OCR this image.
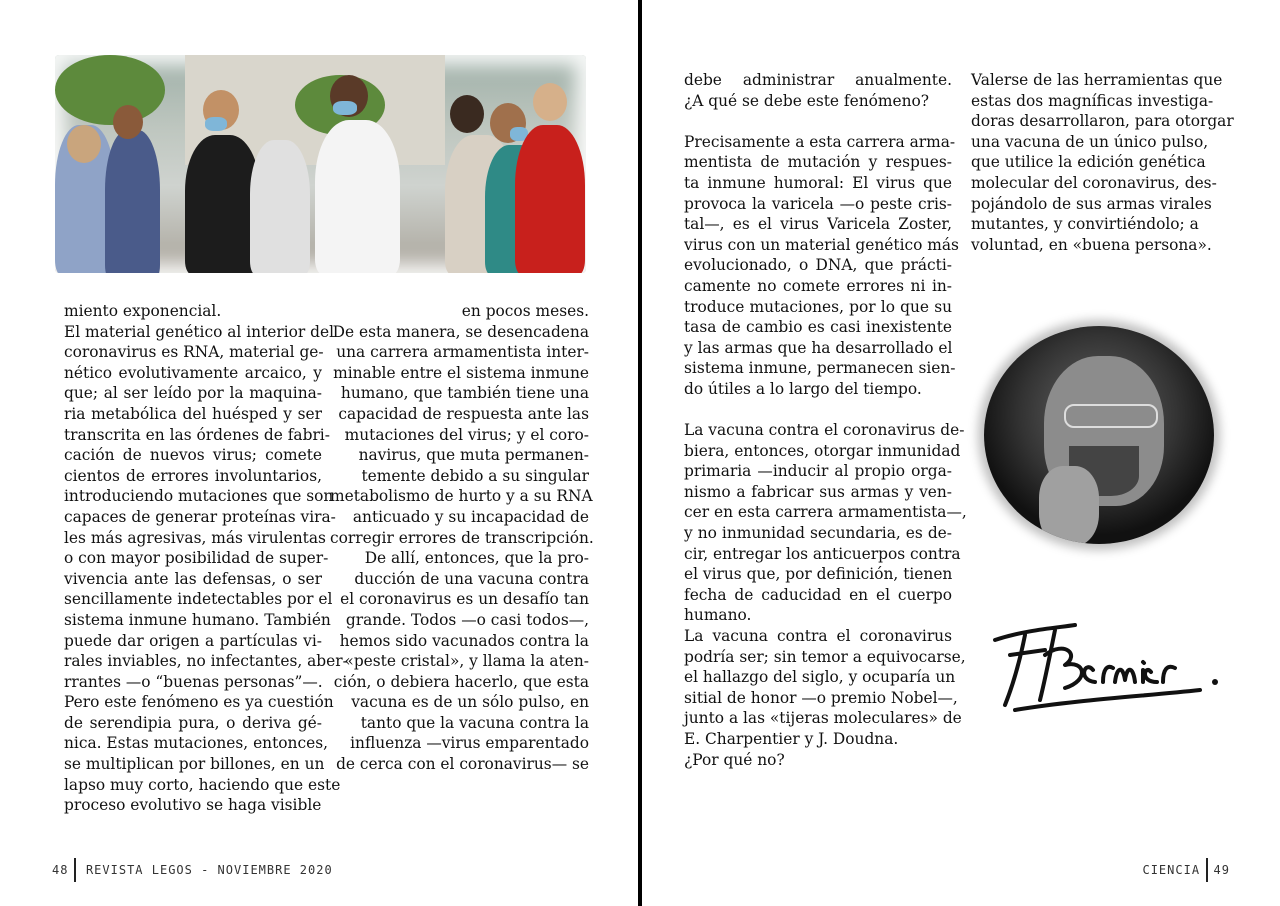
miento exponencial.
El material genético al interior del
coronavirus es RNA, material ge-
nético evolutivamente arcaico, y
que; al ser leído por la maquina-
ria metabólica del huésped y ser
transcrita en las órdenes de fabri-
cación de nuevos virus; comete
cientos de errores involuntarios,
introduciendo mutaciones que son
capaces de generar proteínas vira-
les más agresivas, más virulentas
o con mayor posibilidad de super-
vivencia ante las defensas, o ser
sencillamente indetectables por el
sistema inmune humano. También
puede dar origen a partículas vi-
rales inviables, no infectantes, aber-
rrantes —o “buenas personas”—.
Pero este fenómeno es ya cuestión
de serendipia pura, o deriva gé-
nica. Estas mutaciones, entonces,
se multiplican por billones, en un
lapso muy corto, haciendo que este
proceso evolutivo se haga visible

en pocos meses.
De esta manera, se desencadena
una carrera armamentista inter-
minable entre el sistema inmune
humano, que también tiene una
capacidad de respuesta ante las
mutaciones del virus; y el coro-
navirus, que muta permanen-
temente debido a su singular
metabolismo de hurto y a su RNA
anticuado y su incapacidad de
corregir errores de transcripción.
De allí, entonces, que la pro-
ducción de una vacuna contra
el coronavirus es un desafío tan
grande. Todos —o casi todos—,
hemos sido vacunados contra la
«peste cristal», y llama la aten-
ción, o debiera hacerlo, que esta
vacuna es de un sólo pulso, en
tanto que la vacuna contra la
influenza —virus emparentado
de cerca con el coronavirus— se

48 REVISTA LEGOS - NOVIEMBRE 2020

debe administrar anualmente.
¿A qué se debe este fenómeno?

Precisamente a esta carrera arma-
mentista de mutación y respues-
ta inmune humoral: El virus que
provoca la varicela —o peste cris-
tal—, es el virus Varicela Zoster,
virus con un material genético más
evolucionado, o DNA, que prácti-
camente no comete errores ni in-
troduce mutaciones, por lo que su
tasa de cambio es casi inexistente
y las armas que ha desarrollado el
sistema inmune, permanecen sien-
do útiles a lo largo del tiempo.

La vacuna contra el coronavirus de-
biera, entonces, otorgar inmunidad
primaria —inducir al propio orga-
nismo a fabricar sus armas y ven-
cer en esta carrera armamentista—,
y no inmunidad secundaria, es de-
cir, entregar los anticuerpos contra
el virus que, por definición, tienen
fecha de caducidad en el cuerpo
humano.
La vacuna contra el coronavirus
podría ser; sin temor a equivocarse,
el hallazgo del siglo, y ocuparía un
sitial de honor —o premio Nobel—,
junto a las «tijeras moleculares» de
E. Charpentier y J. Doudna.
¿Por qué no?

Valerse de las herramientas que
estas dos magníficas investiga-
doras desarrollaron, para otorgar
una vacuna de un único pulso,
que utilice la edición genética
molecular del coronavirus, des-
pojándolo de sus armas virales
mutantes, y convirtiéndolo; a
voluntad, en «buena persona».

CIENCIA 49
